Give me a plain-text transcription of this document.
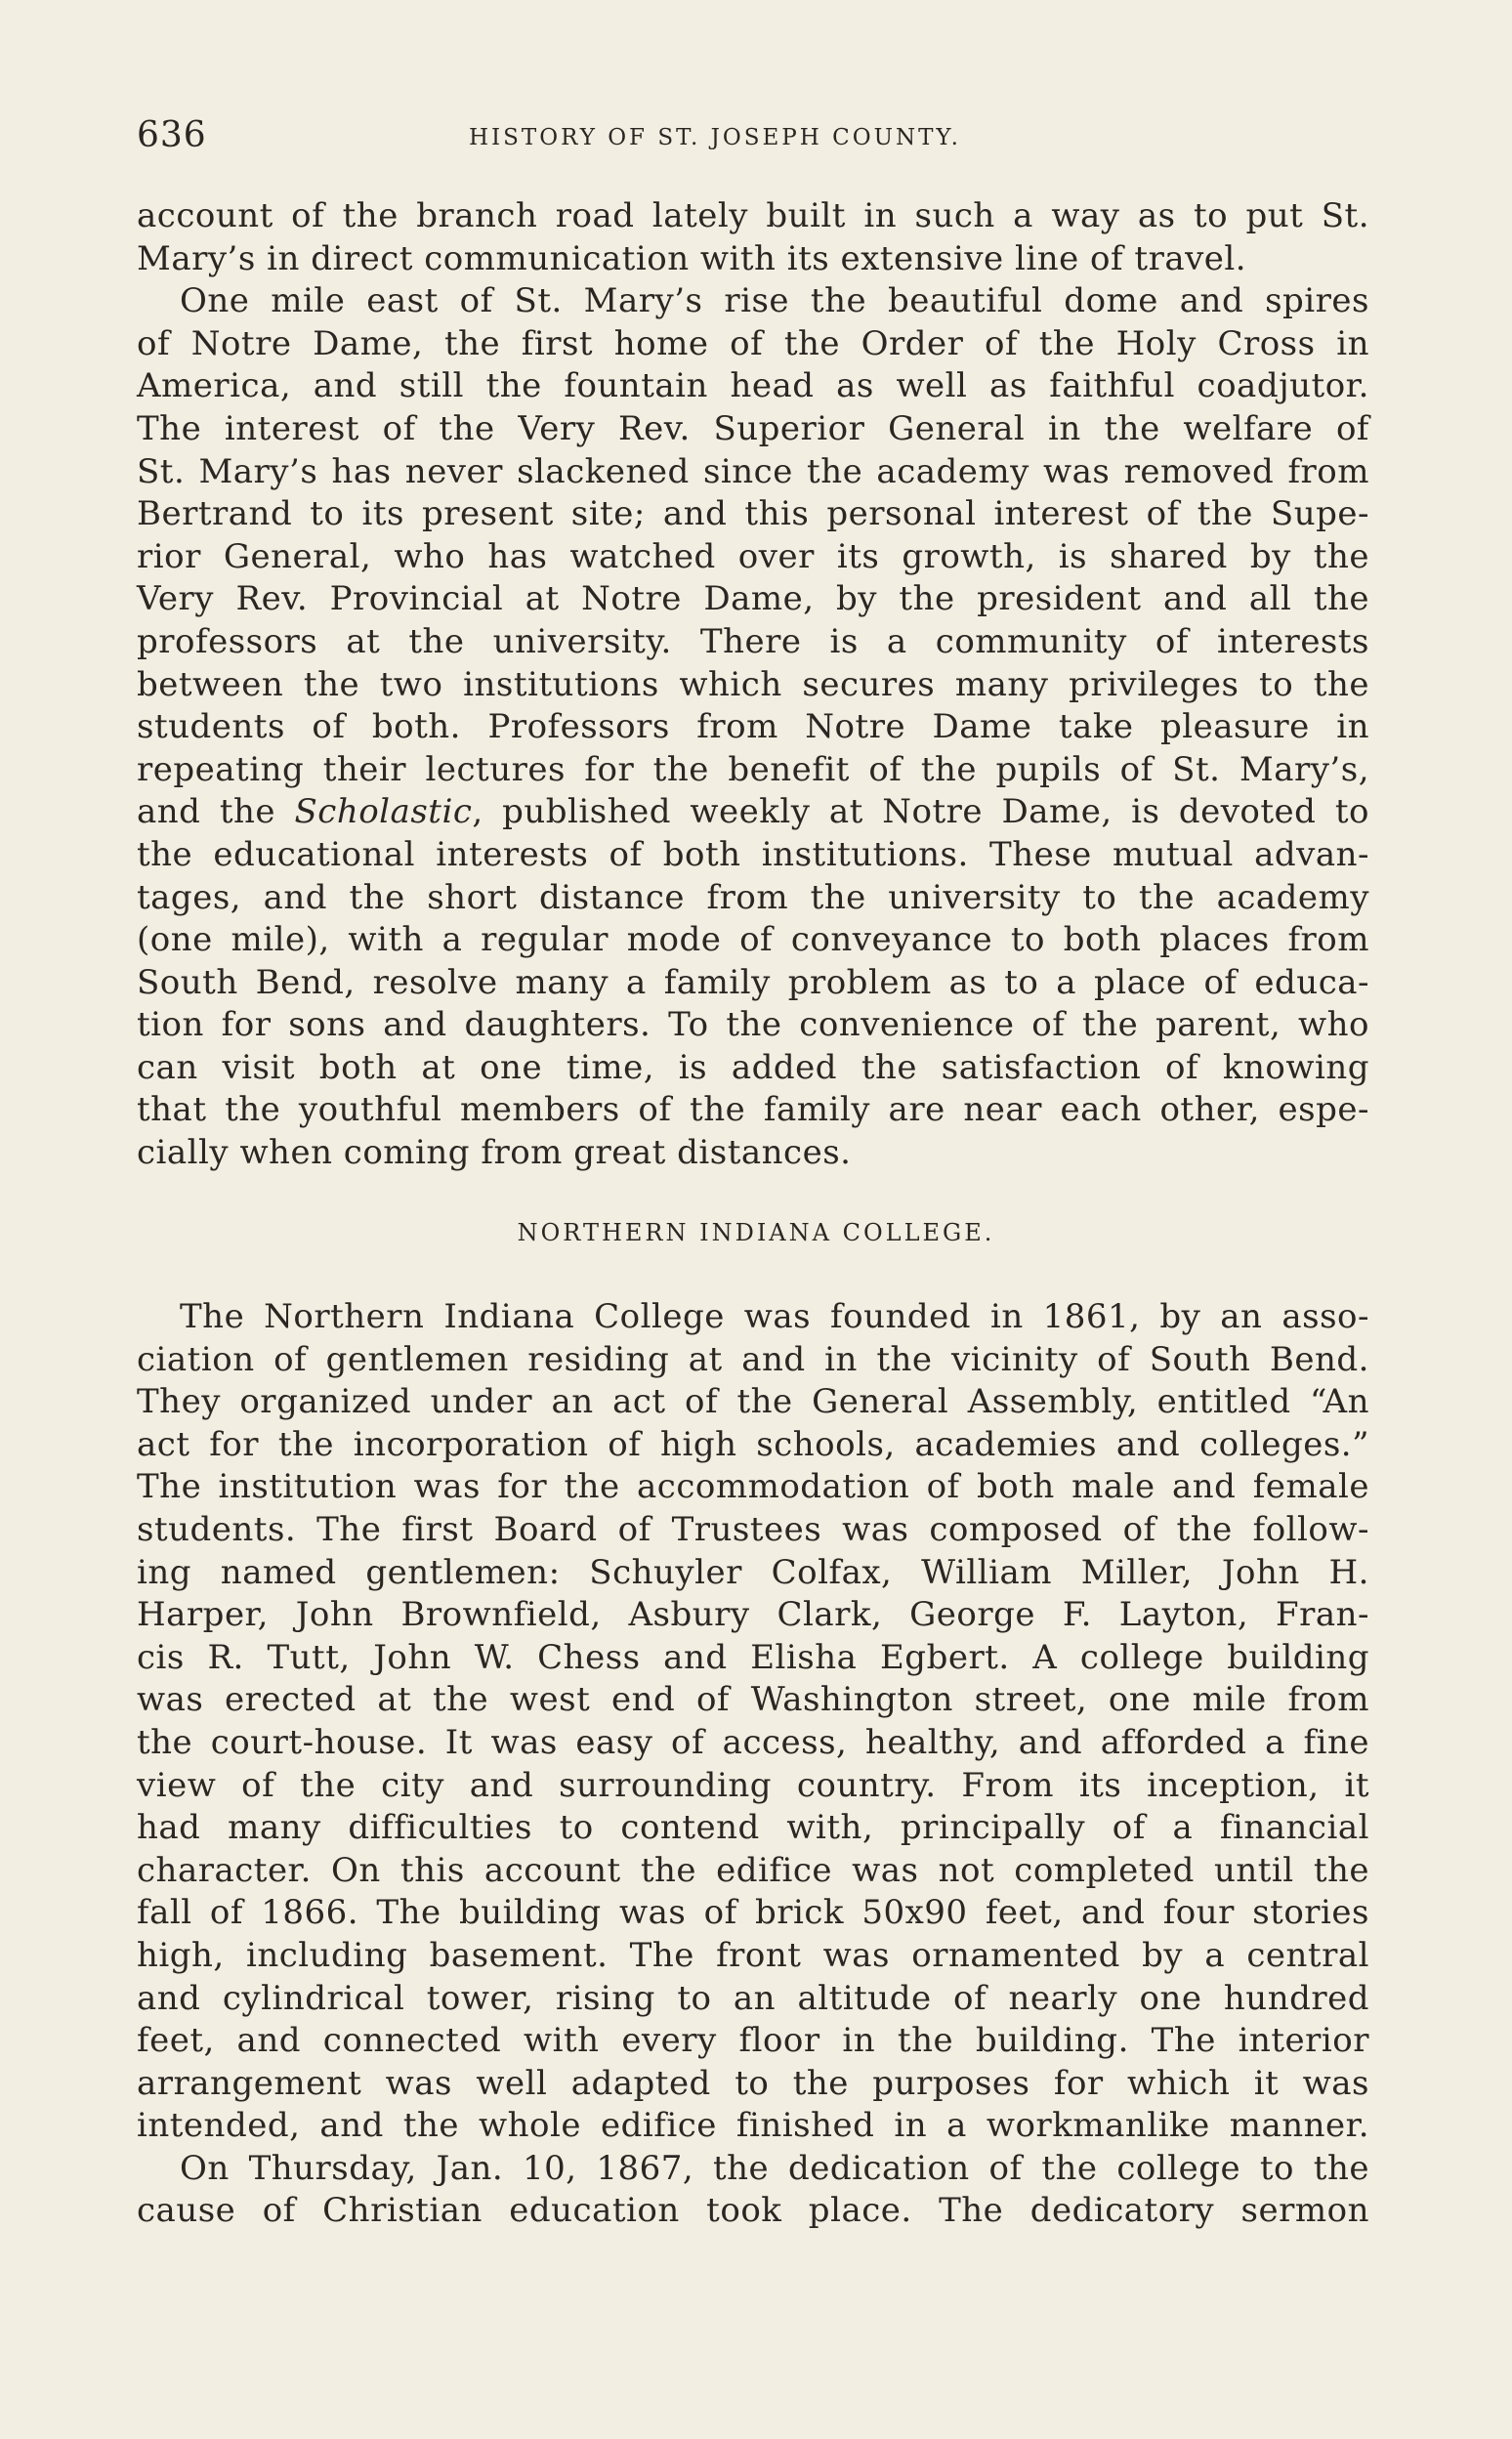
636	HISTORY OF ST. JOSEPH COUNTY.
account of the branch road lately built in such a way as to put St.
Mary’s in direct communication with its extensive line of travel.
One mile east of St. Mary’s rise the beautiful dome and spires
of Notre Dame, the first home of the Order of the Holy Cross in
America, and still the fountain head as well as faithful coadjutor.
The interest of the Very Rev. Superior General in the welfare of
St. Mary’s has never slackened since the academy was removed from
Bertrand to its present site; and this personal interest of the Supe-
rior General, who has watched over its growth, is shared by the
Very Rev. Provincial at Notre Dame, by the president and all the
professors at the university. There is a community of interests
between the two institutions which secures many privileges to the
students of both. Professors from Notre Dame take pleasure in
repeating their lectures for the benefit of the pupils of St. Mary’s,
and the Scholastic, published weekly at Notre Dame, is devoted to
the educational interests of both institutions. These mutual advan-
tages, and the short distance from the university to the academy
(one mile), with a regular mode of conveyance to both places from
South Bend, resolve many a family problem as to a place of educa-
tion for sons and daughters. To the convenience of the parent, who
can visit both at one time, is added the satisfaction of knowing
that the youthful members of the family are near each other, espe-
cially when coming from great distances.
NORTHERN INDIANA COLLEGE.
The Northern Indiana College was founded in 1861, by an asso-
ciation of gentlemen residing at and in the vicinity of South Bend.
They organized under an act of the General Assembly, entitled “An
act for the incorporation of high schools, academies and colleges.”
The institution was for the accommodation of both male and female
students. The first Board of Trustees was composed of the follow-
ing named gentlemen: Schuyler Colfax, William Miller, John H.
Harper, John Brownfield, Asbury Clark, George F. Layton, Fran-
cis R. Tutt, John W. Chess and Elisha Egbert. A college building
was erected at the west end of Washington street, one mile from
the court-house. It was easy of access, healthy, and afforded a fine
view of the city and surrounding country. From its inception, it
had many difficulties to contend with, principally of a financial
character. On this account the edifice was not completed until the
fall of 1866. The building was of brick 50x90 feet, and four stories
high, including basement. The front was ornamented by a central
and cylindrical tower, rising to an altitude of nearly one hundred
feet, and connected with every floor in the building. The interior
arrangement was well adapted to the purposes for which it was
intended, and the whole edifice finished in a workmanlike manner.
On Thursday, Jan. 10, 1867, the dedication of the college to the
cause of Christian education took place. The dedicatory sermon
